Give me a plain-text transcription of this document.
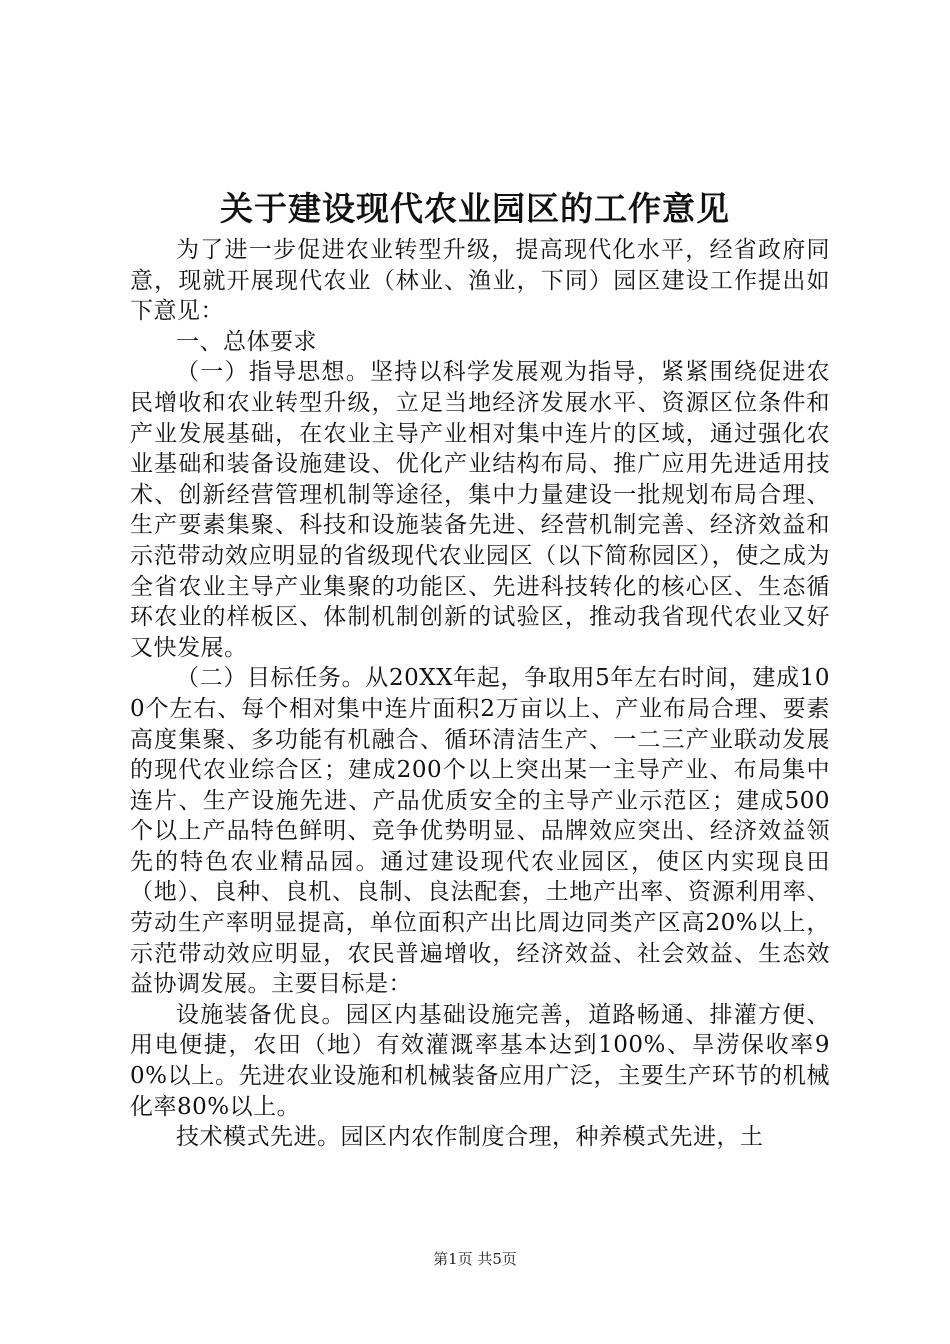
关于建设现代农业园区的工作意见

为了进一步促进农业转型升级，提高现代化水平，经省政府同意，现就开展现代农业（林业、渔业，下同）园区建设工作提出如下意见：

一、总体要求

（一）指导思想。坚持以科学发展观为指导，紧紧围绕促进农民增收和农业转型升级，立足当地经济发展水平、资源区位条件和产业发展基础，在农业主导产业相对集中连片的区域，通过强化农业基础和装备设施建设、优化产业结构布局、推广应用先进适用技术、创新经营管理机制等途径，集中力量建设一批规划布局合理、生产要素集聚、科技和设施装备先进、经营机制完善、经济效益和示范带动效应明显的省级现代农业园区（以下简称园区），使之成为全省农业主导产业集聚的功能区、先进科技转化的核心区、生态循环农业的样板区、体制机制创新的试验区，推动我省现代农业又好又快发展。

（二）目标任务。从20XX年起，争取用5年左右时间，建成100个左右、每个相对集中连片面积2万亩以上、产业布局合理、要素高度集聚、多功能有机融合、循环清洁生产、一二三产业联动发展的现代农业综合区；建成200个以上突出某一主导产业、布局集中连片、生产设施先进、产品优质安全的主导产业示范区；建成500个以上产品特色鲜明、竞争优势明显、品牌效应突出、经济效益领先的特色农业精品园。通过建设现代农业园区，使区内实现良田（地）、良种、良机、良制、良法配套，土地产出率、资源利用率、劳动生产率明显提高，单位面积产出比周边同类产区高20%以上，示范带动效应明显，农民普遍增收，经济效益、社会效益、生态效益协调发展。主要目标是：

设施装备优良。园区内基础设施完善，道路畅通、排灌方便、用电便捷，农田（地）有效灌溉率基本达到100%、旱涝保收率90%以上。先进农业设施和机械装备应用广泛，主要生产环节的机械化率80%以上。

技术模式先进。园区内农作制度合理，种养模式先进，土

第1页 共5页
